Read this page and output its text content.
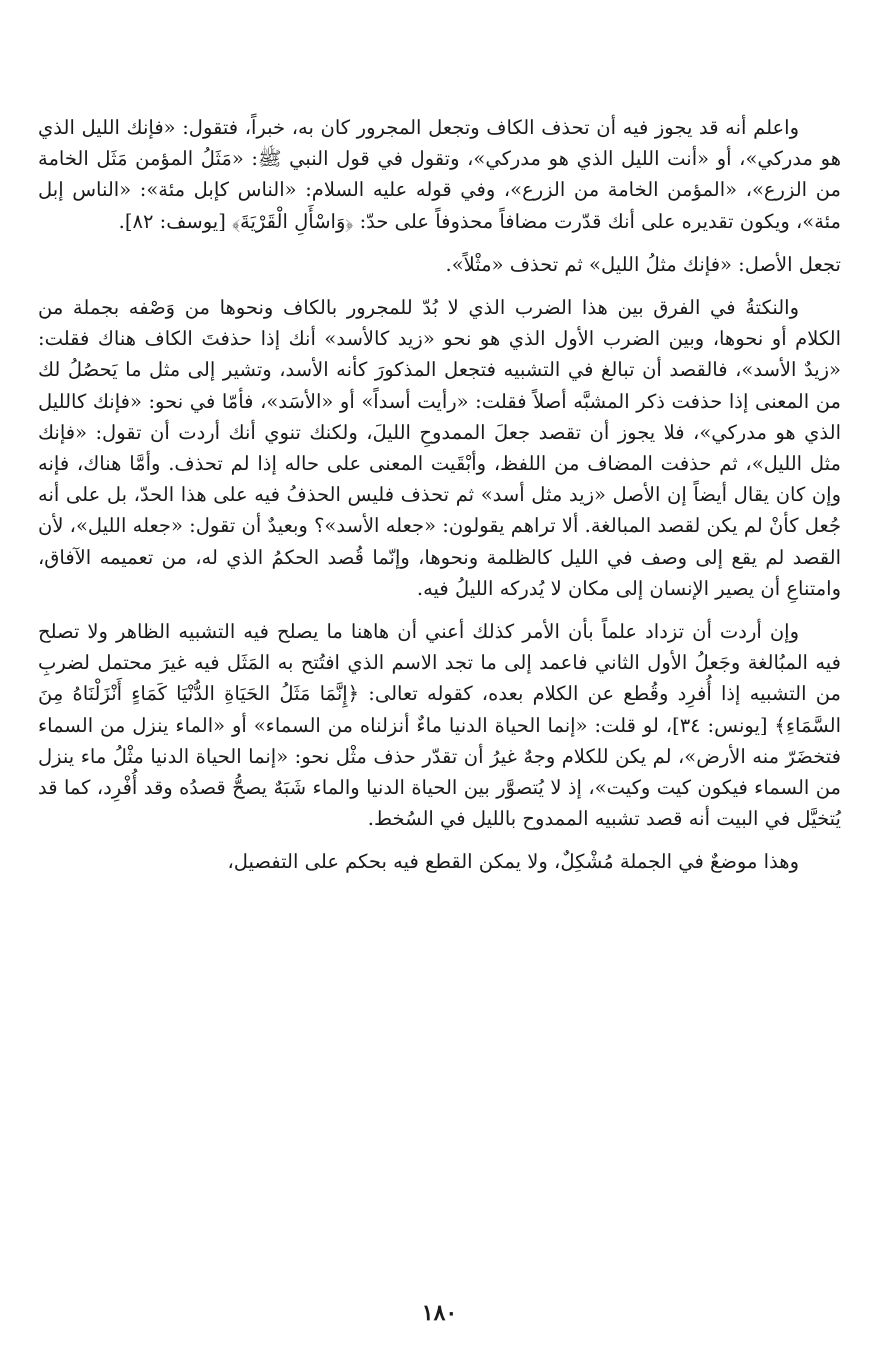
واعلم أنه قد يجوز فيه أن تحذف الكاف وتجعل المجرور كان به، خبراً، فتقول: «فإنك الليل الذي هو مدركي»، أو «أنت الليل الذي هو مدركي»، وتقول في قول النبي ﷺ: «مَثَلُ المؤمن مَثَل الخامة من الزرع»، «المؤمن الخامة من الزرع»، وفي قوله عليه السلام: «الناس كإبل مئة»: «الناس إبل مئة»، ويكون تقديره على أنك قدّرت مضافاً محذوفاً على حدّ: ﴿وَاسْأَلِ الْقَرْيَةَ﴾ [يوسف: ٨٢].

تجعل الأصل: «فإنك مثلُ الليل» ثم تحذف «مثْلاً».

والنكتةُ في الفرق بين هذا الضرب الذي لا بُدّ للمجرور بالكاف ونحوها من وَصْفه بجملة من الكلام أو نحوها، وبين الضرب الأول الذي هو نحو «زيد كالأسد» أنك إذا حذفتَ الكاف هناك فقلت: «زيدٌ الأسد»، فالقصد أن تبالغ في التشبيه فتجعل المذكورَ كأنه الأسد، وتشير إلى مثل ما يَحصُلُ لك من المعنى إذا حذفت ذكر المشبَّه أصلاً فقلت: «رأيت أسداً» أو «الأسَد»، فأمّا في نحو: «فإنك كالليل الذي هو مدركي»، فلا يجوز أن تقصد جعلَ الممدوحِ الليلَ، ولكنك تنوي أنك أردت أن تقول: «فإنك مثل الليل»، ثم حذفت المضاف من اللفظ، وأبْقَيت المعنى على حاله إذا لم تحذف. وأمَّا هناك، فإنه وإن كان يقال أيضاً إن الأصل «زيد مثل أسد» ثم تحذف فليس الحذفُ فيه على هذا الحدّ، بل على أنه جُعل كأنْ لم يكن لقصد المبالغة. ألا تراهم يقولون: «جعله الأسد»؟ وبعيدٌ أن تقول: «جعله الليل»، لأن القصد لم يقع إلى وصف في الليل كالظلمة ونحوها، وإنّما قُصد الحكمُ الذي له، من تعميمه الآفاق، وامتناعِ أن يصير الإنسان إلى مكان لا يُدركه الليلُ فيه.

وإن أردت أن تزداد علماً بأن الأمر كذلك أعني أن هاهنا ما يصلح فيه التشبيه الظاهر ولا تصلح فيه المبُالغة وجَعلُ الأول الثاني فاعمد إلى ما تجد الاسم الذي افتُتح به المَثَل فيه غيرَ محتمل لضربِ من التشبيه إذا أُفرِد وقُطع عن الكلام بعده، كقوله تعالى: ﴿إِنَّمَا مَثَلُ الحَيَاةِ الدُّنْيَا كَمَاءٍ أَنْزَلْنَاهُ مِنَ السَّمَاءِ﴾ [يونس: ٣٤]، لو قلت: «إنما الحياة الدنيا ماءٌ أنزلناه من السماء» أو «الماء ينزل من السماء فتخضَرّ منه الأرض»، لم يكن للكلام وجهٌ غيرُ أن تقدّر حذف مثْل نحو: «إنما الحياة الدنيا مثْلُ ماء ينزل من السماء فيكون كيت وكيت»، إذ لا يُتصوَّر بين الحياة الدنيا والماء شَبَهٌ يصحُّ قصدُه وقد أُفْرِد، كما قد يُتخيَّل في البيت أنه قصد تشبيه الممدوح بالليل في السُخط.

وهذا موضعٌ في الجملة مُشْكِلٌ، ولا يمكن القطع فيه بحكم على التفصيل،

١٨٠
